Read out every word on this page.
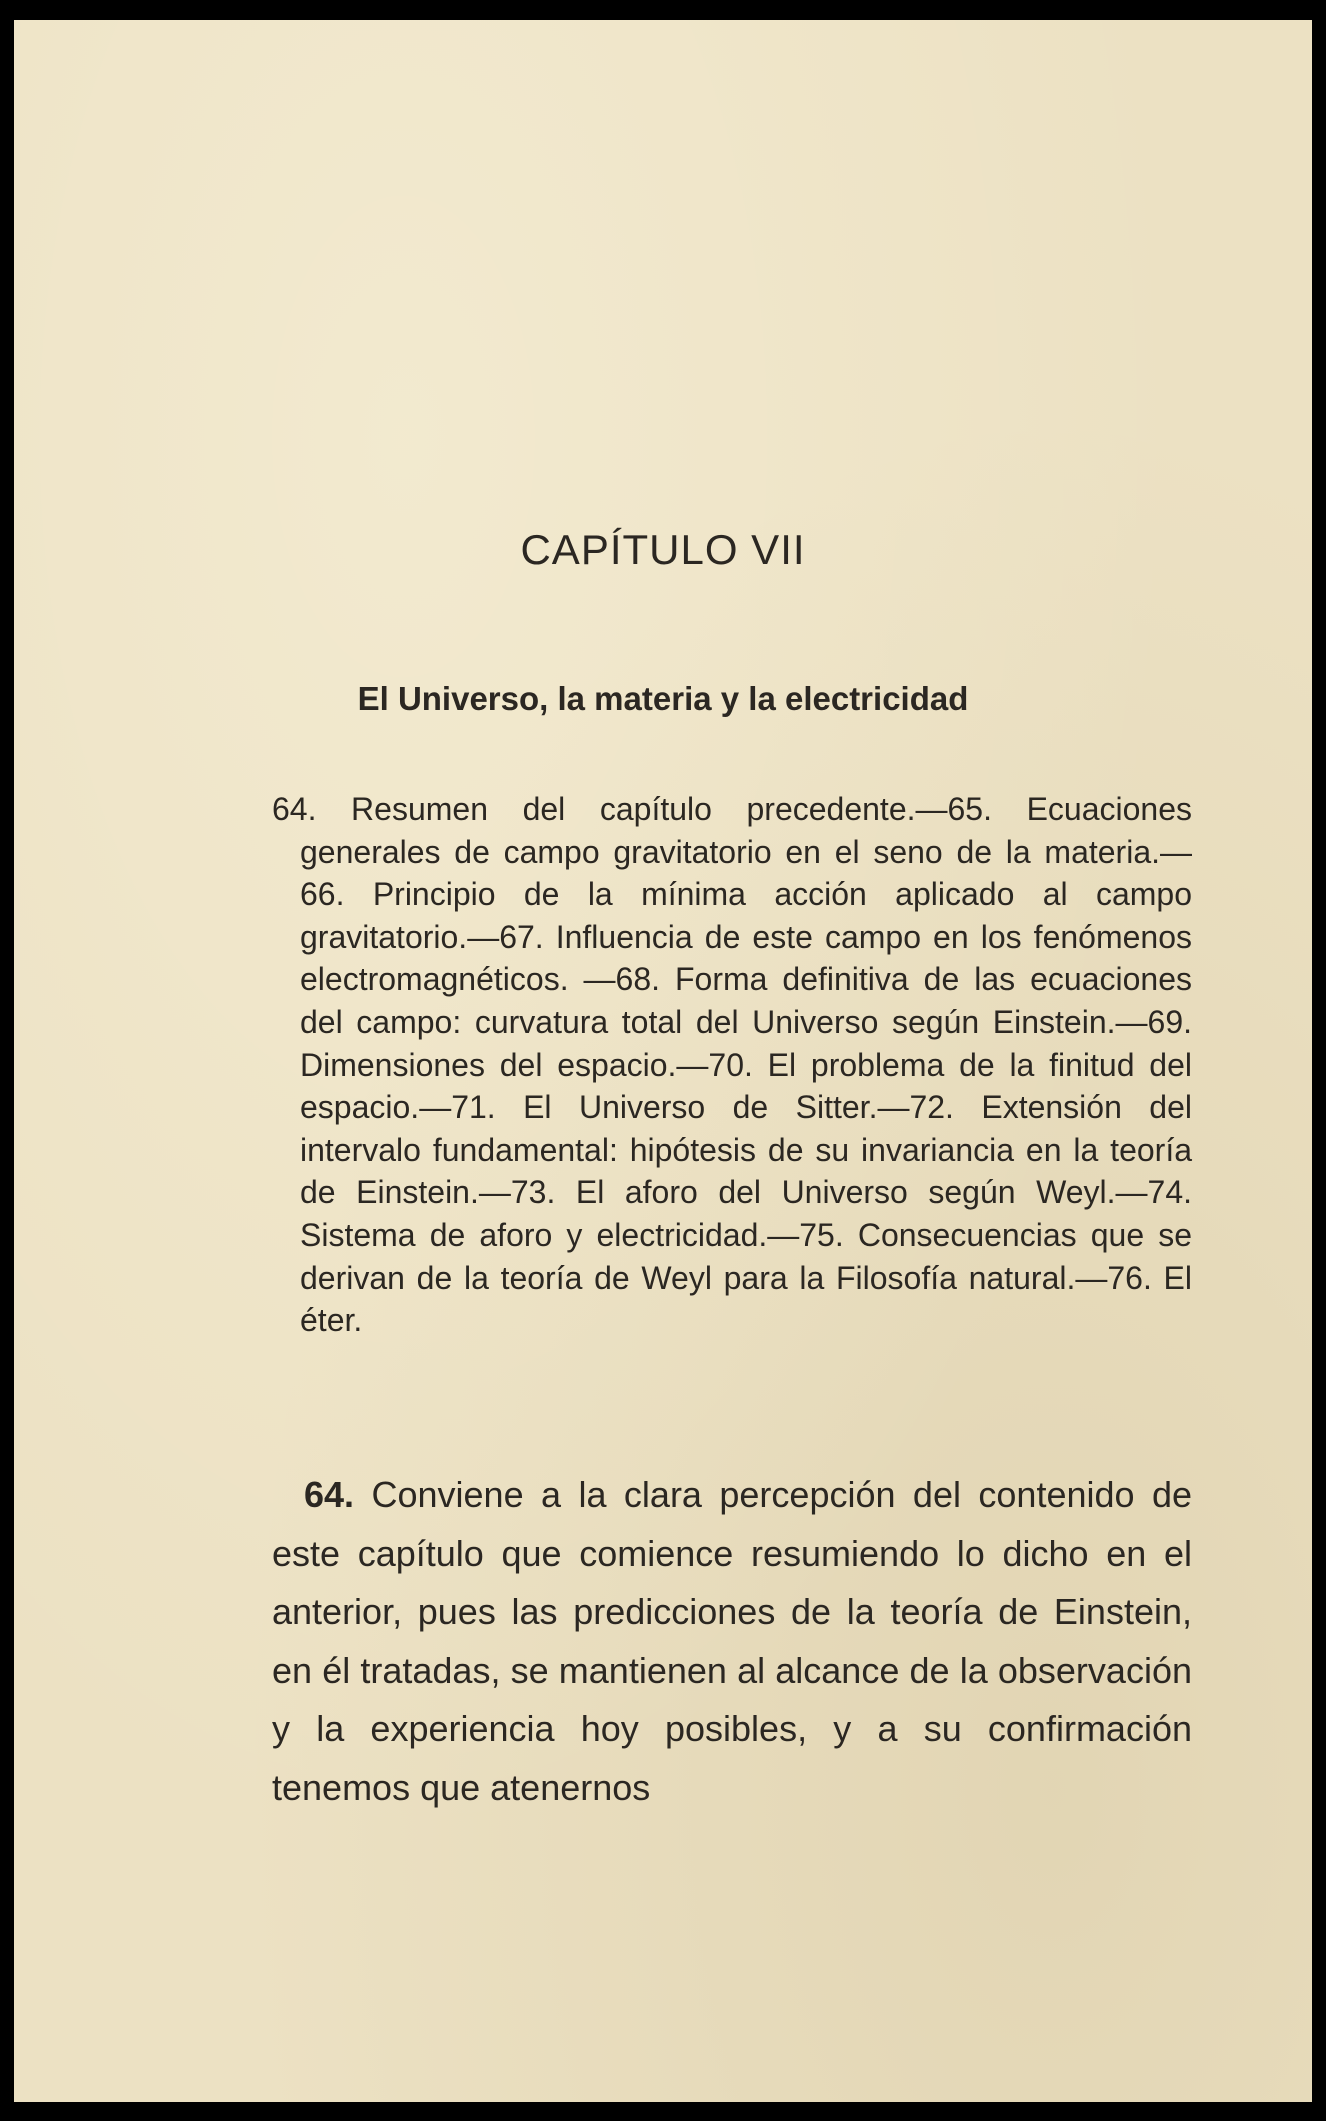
CAPÍTULO VII
El Universo, la materia y la electricidad
64. Resumen del capítulo precedente.—65. Ecuaciones generales de campo gravitatorio en el seno de la materia.—66. Principio de la mínima acción aplicado al campo gravitatorio.—67. Influencia de este campo en los fenómenos electromagnéticos. —68. Forma definitiva de las ecuaciones del campo: curvatura total del Universo según Einstein.—69. Dimensiones del espacio.—70. El problema de la finitud del espacio.—71. El Universo de Sitter.—72. Extensión del intervalo fundamental: hipótesis de su invariancia en la teoría de Einstein.—73. El aforo del Universo según Weyl.—74. Sistema de aforo y electricidad.—75. Consecuencias que se derivan de la teoría de Weyl para la Filosofía natural.—76. El éter.
64. Conviene a la clara percepción del contenido de este capítulo que comience resumiendo lo dicho en el anterior, pues las predicciones de la teoría de Einstein, en él tratadas, se mantienen al alcance de la observación y la experiencia hoy posibles, y a su confirmación tenemos que atenernos
